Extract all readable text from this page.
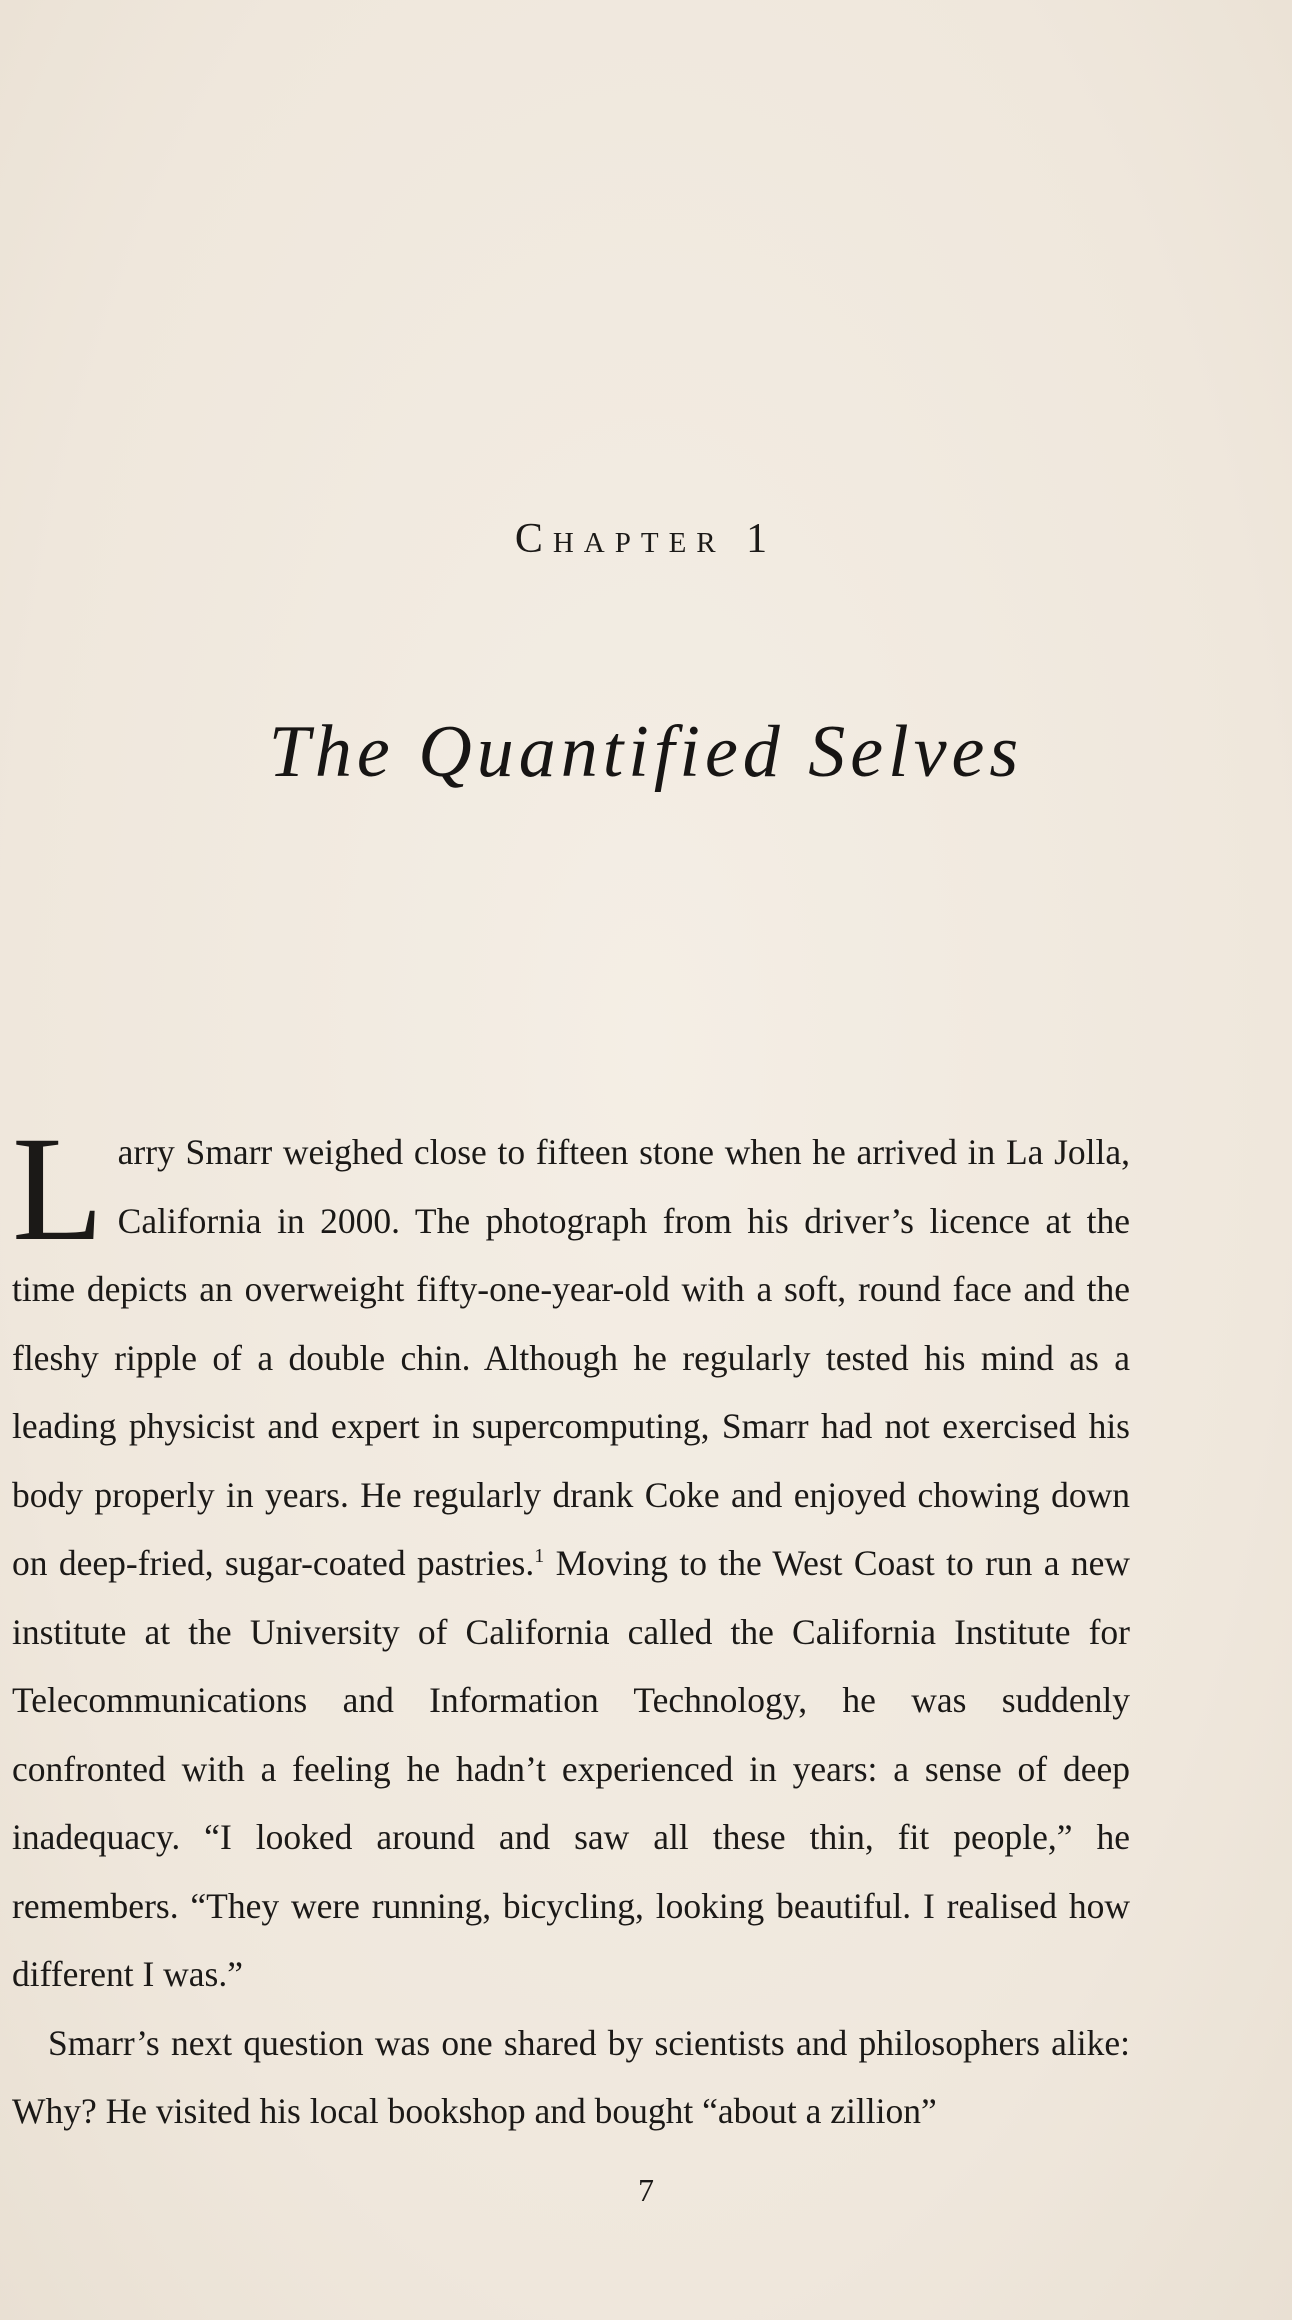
Chapter 1
The Quantified Selves

Larry Smarr weighed close to fifteen stone when he arrived in La Jolla, California in 2000. The photograph from his driver’s licence at the time depicts an overweight fifty-one-year-old with a soft, round face and the fleshy ripple of a double chin. Although he regularly tested his mind as a leading physicist and expert in supercomputing, Smarr had not exercised his body properly in years. He regularly drank Coke and enjoyed chowing down on deep-fried, sugar-coated pastries.$^1$ Moving to the West Coast to run a new institute at the University of California called the California Institute for Telecommunications and Information Technology, he was suddenly confronted with a feeling he hadn’t experienced in years: a sense of deep inadequacy. “I looked around and saw all these thin, fit people,” he remembers. “They were running, bicycling, looking beautiful. I realised how different I was.”

Smarr’s next question was one shared by scientists and philosophers alike: Why? He visited his local bookshop and bought “about a zillion”

7
